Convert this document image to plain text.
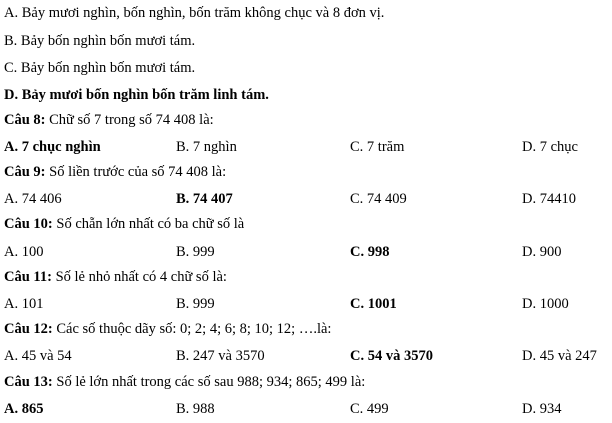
A. Bảy mươi nghìn, bốn nghìn, bốn trăm không chục và 8 đơn vị.
B. Bảy bốn nghìn bốn mươi tám.
C. Bảy bốn nghìn bốn mươi tám.
D. Bảy mươi bốn nghìn bốn trăm linh tám.
Câu 8: Chữ số 7 trong số 74 408 là:
A. 7 chục nghìn	B. 7 nghìn	C. 7 trăm	D. 7 chục
Câu 9: Số liền trước của số 74 408 là:
A. 74 406	B. 74 407	C. 74 409	D. 74410
Câu 10: Số chẵn lớn nhất có ba chữ số là
A. 100	B. 999	C. 998	D. 900
Câu 11: Số lẻ nhỏ nhất có 4 chữ số là:
A. 101	B. 999	C. 1001	D. 1000
Câu 12: Các số thuộc dãy số: 0; 2; 4; 6; 8; 10; 12; ….là:
A. 45 và 54	B. 247 và 3570	C. 54 và 3570	D. 45 và 247
Câu 13: Số lẻ lớn nhất trong các số sau 988; 934; 865; 499 là:
A. 865	B. 988	C. 499	D. 934
